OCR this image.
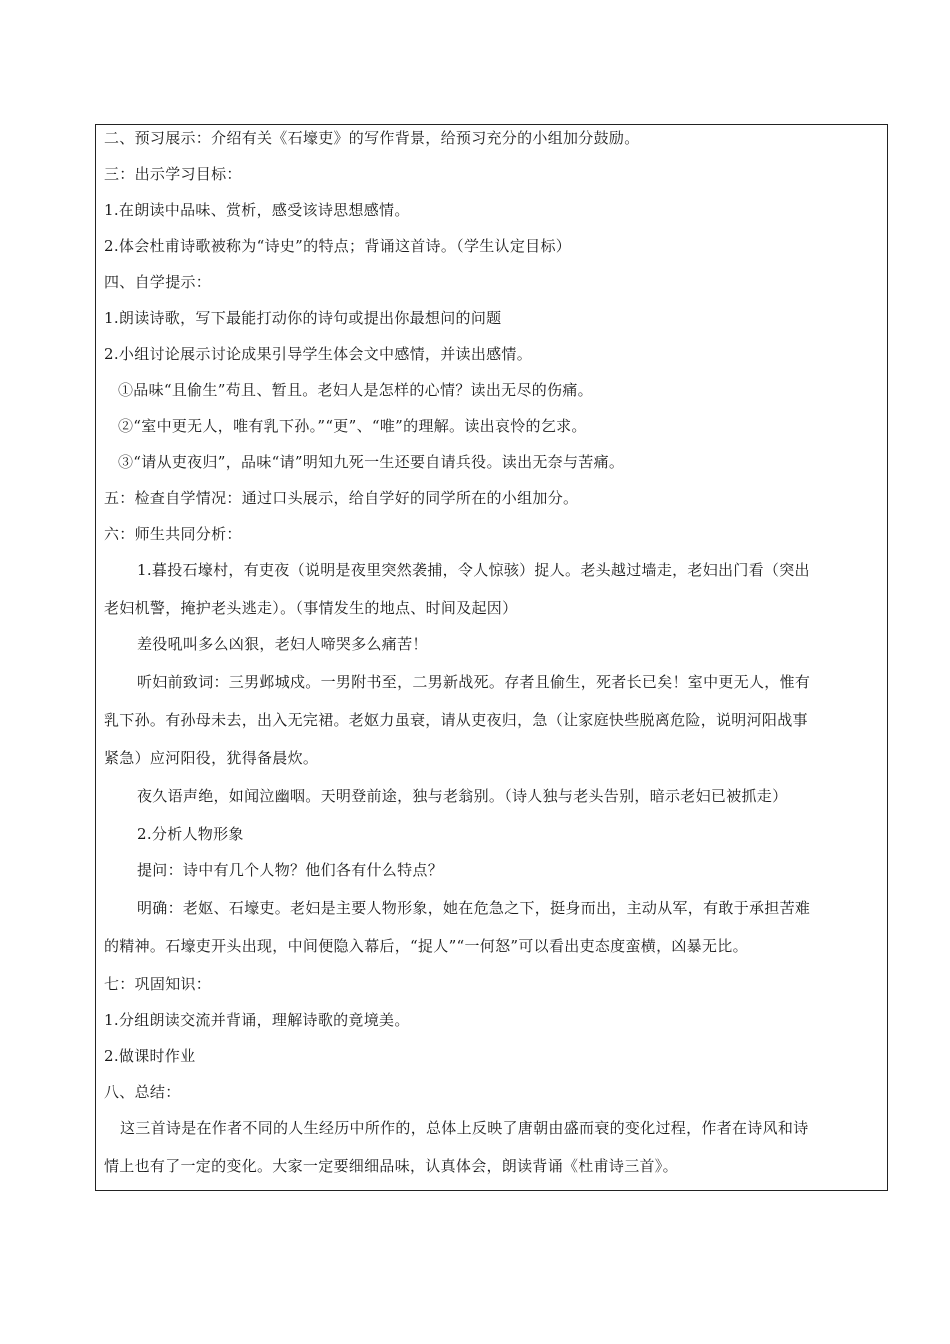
二、预习展示：介绍有关《石壕吏》的写作背景，给预习充分的小组加分鼓励。
三：出示学习目标：
1.在朗读中品味、赏析，感受该诗思想感情。
2.体会杜甫诗歌被称为“诗史”的特点；背诵这首诗。（学生认定目标）
四、自学提示：
1.朗读诗歌，写下最能打动你的诗句或提出你最想问的问题
2.小组讨论展示讨论成果引导学生体会文中感情，并读出感情。
①品味“且偷生”苟且、暂且。老妇人是怎样的心情？读出无尽的伤痛。
②“室中更无人，唯有乳下孙。”“更”、“唯”的理解。读出哀怜的乞求。
③“请从吏夜归”，品味“请”明知九死一生还要自请兵役。读出无奈与苦痛。
五：检查自学情况：通过口头展示，给自学好的同学所在的小组加分。
六：师生共同分析：
1.暮投石壕村，有吏夜（说明是夜里突然袭捕，令人惊骇）捉人。老头越过墙走，老妇出门看（突出
老妇机警，掩护老头逃走）。（事情发生的地点、时间及起因）
差役吼叫多么凶狠，老妇人啼哭多么痛苦！
听妇前致词：三男邺城戍。一男附书至，二男新战死。存者且偷生，死者长已矣！室中更无人，惟有
乳下孙。有孙母未去，出入无完裙。老妪力虽衰，请从吏夜归，急（让家庭快些脱离危险，说明河阳战事
紧急）应河阳役，犹得备晨炊。
夜久语声绝，如闻泣幽咽。天明登前途，独与老翁别。（诗人独与老头告别，暗示老妇已被抓走）
2.分析人物形象
提问：诗中有几个人物？他们各有什么特点？
明确：老妪、石壕吏。老妇是主要人物形象，她在危急之下，挺身而出，主动从军，有敢于承担苦难
的精神。石壕吏开头出现，中间便隐入幕后，“捉人”“一何怒”可以看出吏态度蛮横，凶暴无比。
七：巩固知识：
1.分组朗读交流并背诵，理解诗歌的竟境美。
2.做课时作业
八、总结：
这三首诗是在作者不同的人生经历中所作的，总体上反映了唐朝由盛而衰的变化过程，作者在诗风和诗
情上也有了一定的变化。大家一定要细细品味，认真体会，朗读背诵《杜甫诗三首》。
